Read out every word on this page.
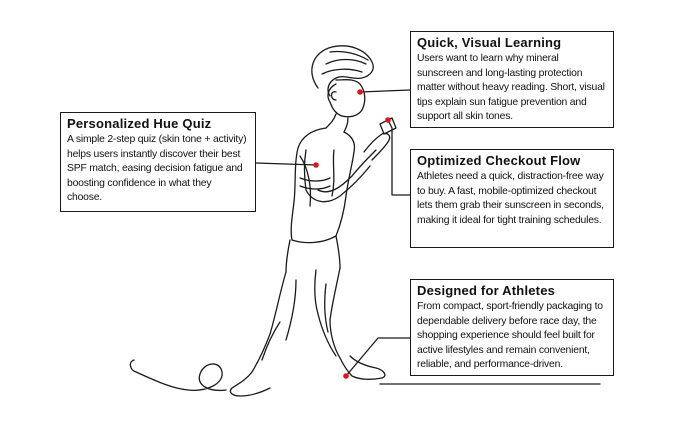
Quick, Visual Learning

Users want to learn why mineral sunscreen and long-lasting protection matter without heavy reading. Short, visual tips explain sun fatigue prevention and support all skin tones.

Optimized Checkout Flow

Athletes need a quick, distraction-free way to buy. A fast, mobile-optimized checkout lets them grab their sunscreen in seconds, making it ideal for tight training schedules.

Personalized Hue Quiz

A simple 2-step quiz (skin tone + activity) helps users instantly discover their best SPF match, easing decision fatigue and boosting confidence in what they choose.

Designed for Athletes

From compact, sport-friendly packaging to dependable delivery before race day, the shopping experience should feel built for active lifestyles and remain convenient, reliable, and performance-driven.
